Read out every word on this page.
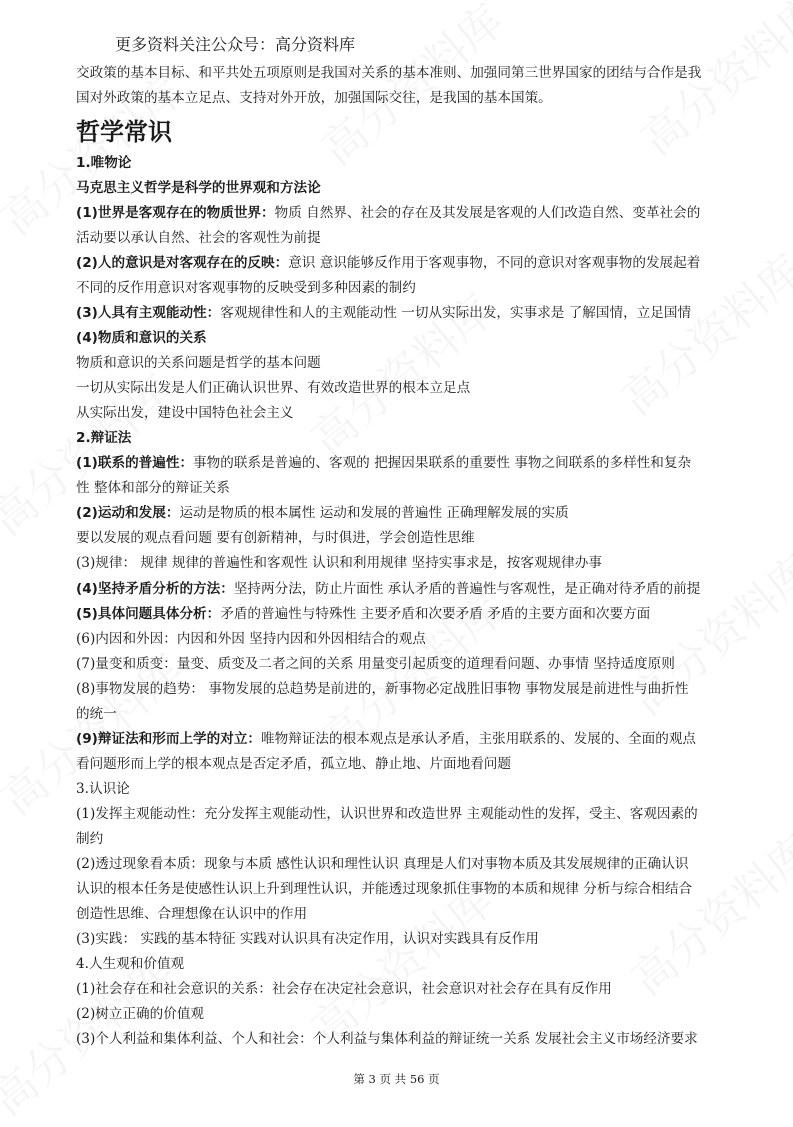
更多资料关注公众号：高分资料库
交政策的基本目标、和平共处五项原则是我国对关系的基本准则、加强同第三世界国家的团结与合作是我
国对外政策的基本立足点、支持对外开放，加强国际交往，是我国的基本国策。
哲学常识
1.唯物论
马克思主义哲学是科学的世界观和方法论
(1)世界是客观存在的物质世界：物质 自然界、社会的存在及其发展是客观的人们改造自然、变革社会的
活动要以承认自然、社会的客观性为前提
(2)人的意识是对客观存在的反映：意识 意识能够反作用于客观事物，不同的意识对客观事物的发展起着
不同的反作用意识对客观事物的反映受到多种因素的制约
(3)人具有主观能动性：客观规律性和人的主观能动性 一切从实际出发，实事求是 了解国情，立足国情
(4)物质和意识的关系
物质和意识的关系问题是哲学的基本问题
一切从实际出发是人们正确认识世界、有效改造世界的根本立足点
从实际出发，建设中国特色社会主义
2.辩证法
(1)联系的普遍性：事物的联系是普遍的、客观的 把握因果联系的重要性 事物之间联系的多样性和复杂
性 整体和部分的辩证关系
(2)运动和发展：运动是物质的根本属性 运动和发展的普遍性 正确理解发展的实质
要以发展的观点看问题 要有创新精神，与时俱进，学会创造性思维
(3)规律： 规律 规律的普遍性和客观性 认识和利用规律 坚持实事求是，按客观规律办事
(4)坚持矛盾分析的方法：坚持两分法，防止片面性 承认矛盾的普遍性与客观性，是正确对待矛盾的前提
(5)具体问题具体分析：矛盾的普遍性与特殊性 主要矛盾和次要矛盾 矛盾的主要方面和次要方面
(6)内因和外因：内因和外因 坚持内因和外因相结合的观点
(7)量变和质变：量变、质变及二者之间的关系 用量变引起质变的道理看问题、办事情 坚持适度原则
(8)事物发展的趋势： 事物发展的总趋势是前进的，新事物必定战胜旧事物 事物发展是前进性与曲折性
的统一
(9)辩证法和形而上学的对立：唯物辩证法的根本观点是承认矛盾，主张用联系的、发展的、全面的观点
看问题形而上学的根本观点是否定矛盾，孤立地、静止地、片面地看问题
3.认识论
(1)发挥主观能动性：充分发挥主观能动性，认识世界和改造世界 主观能动性的发挥，受主、客观因素的
制约
(2)透过现象看本质：现象与本质 感性认识和理性认识 真理是人们对事物本质及其发展规律的正确认识
认识的根本任务是使感性认识上升到理性认识，并能透过现象抓住事物的本质和规律 分析与综合相结合
创造性思维、合理想像在认识中的作用
(3)实践： 实践的基本特征 实践对认识具有决定作用，认识对实践具有反作用
4.人生观和价值观
(1)社会存在和社会意识的关系：社会存在决定社会意识，社会意识对社会存在具有反作用
(2)树立正确的价值观
(3)个人利益和集体利益、个人和社会：个人利益与集体利益的辩证统一关系 发展社会主义市场经济要求
第 3 页 共 56 页
